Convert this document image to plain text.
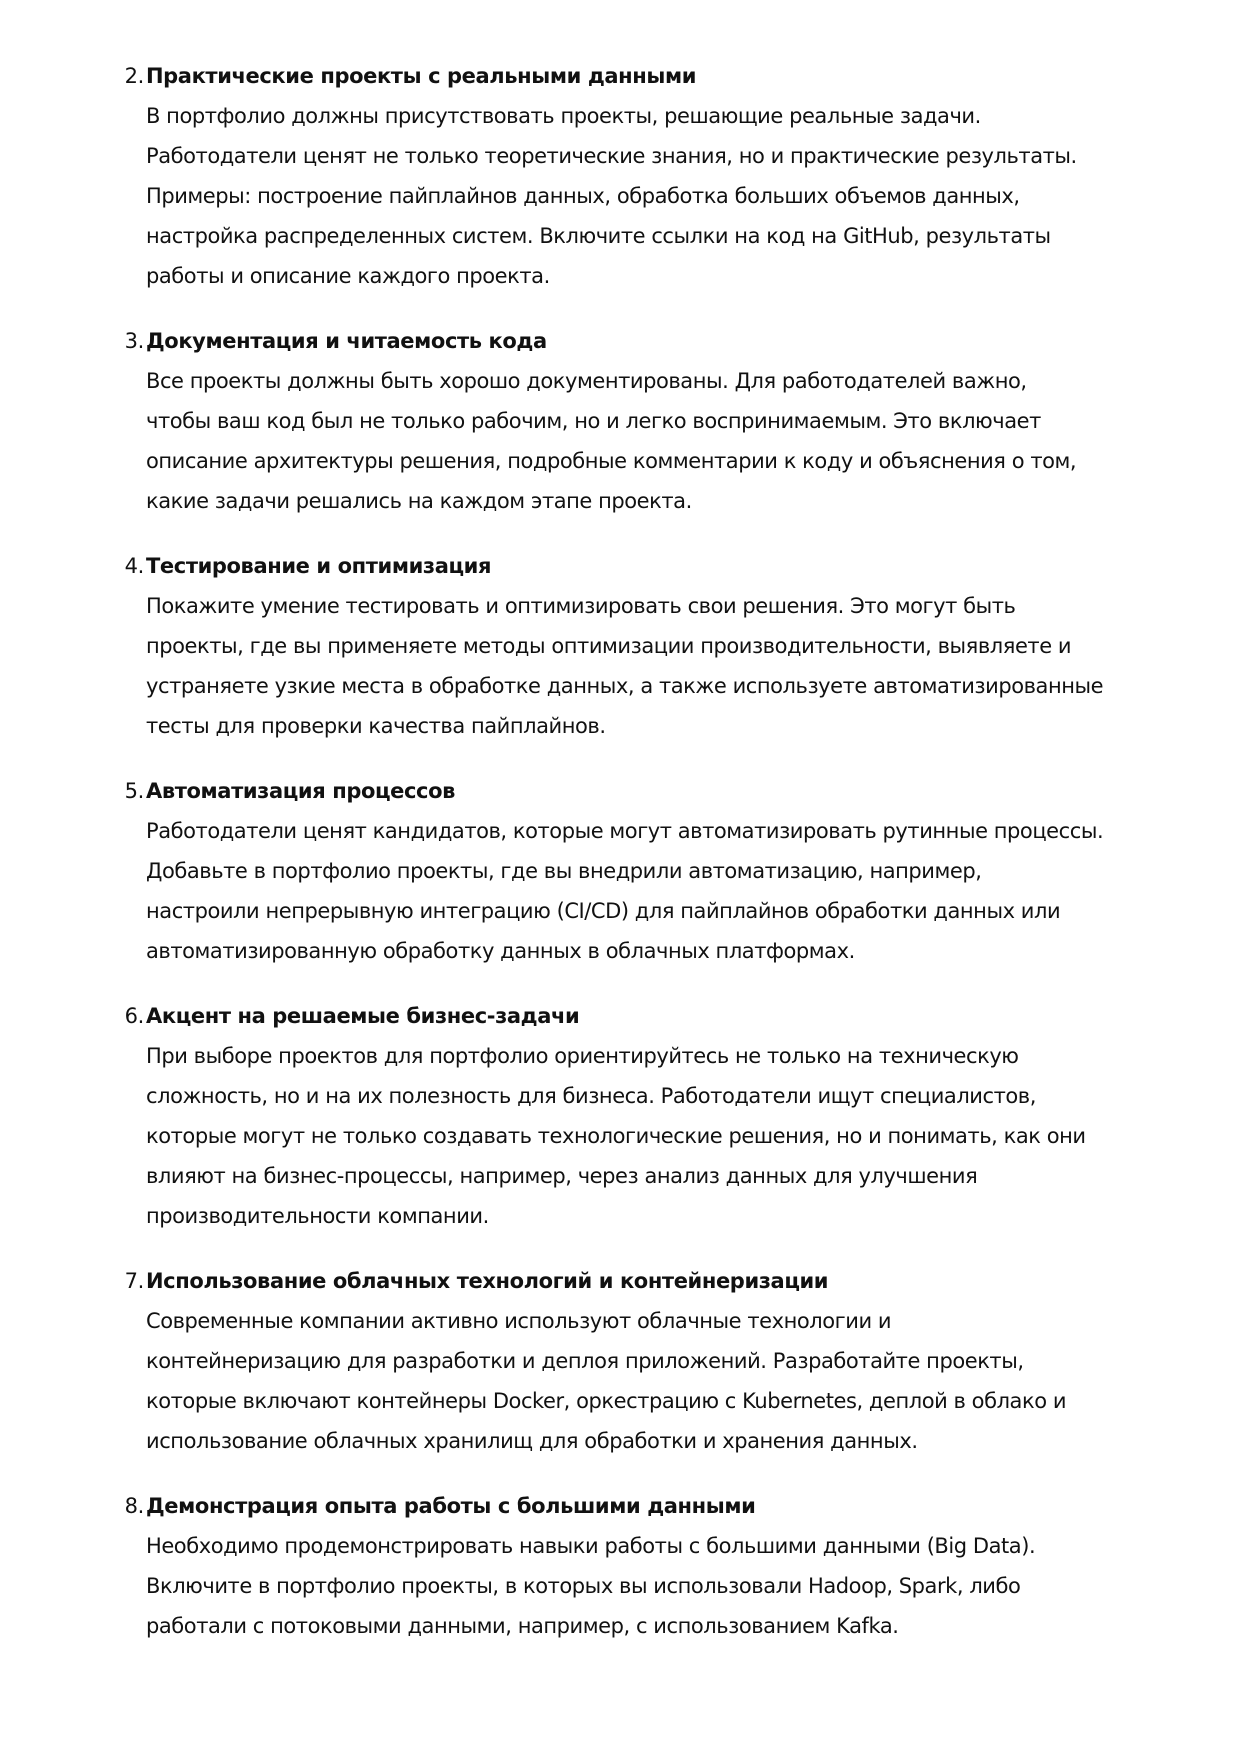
2. Практические проекты с реальными данными
В портфолио должны присутствовать проекты, решающие реальные задачи.
Работодатели ценят не только теоретические знания, но и практические результаты.
Примеры: построение пайплайнов данных, обработка больших объемов данных,
настройка распределенных систем. Включите ссылки на код на GitHub, результаты
работы и описание каждого проекта.
3. Документация и читаемость кода
Все проекты должны быть хорошо документированы. Для работодателей важно,
чтобы ваш код был не только рабочим, но и легко воспринимаемым. Это включает
описание архитектуры решения, подробные комментарии к коду и объяснения о том,
какие задачи решались на каждом этапе проекта.
4. Тестирование и оптимизация
Покажите умение тестировать и оптимизировать свои решения. Это могут быть
проекты, где вы применяете методы оптимизации производительности, выявляете и
устраняете узкие места в обработке данных, а также используете автоматизированные
тесты для проверки качества пайплайнов.
5. Автоматизация процессов
Работодатели ценят кандидатов, которые могут автоматизировать рутинные процессы.
Добавьте в портфолио проекты, где вы внедрили автоматизацию, например,
настроили непрерывную интеграцию (CI/CD) для пайплайнов обработки данных или
автоматизированную обработку данных в облачных платформах.
6. Акцент на решаемые бизнес-задачи
При выборе проектов для портфолио ориентируйтесь не только на техническую
сложность, но и на их полезность для бизнеса. Работодатели ищут специалистов,
которые могут не только создавать технологические решения, но и понимать, как они
влияют на бизнес-процессы, например, через анализ данных для улучшения
производительности компании.
7. Использование облачных технологий и контейнеризации
Современные компании активно используют облачные технологии и
контейнеризацию для разработки и деплоя приложений. Разработайте проекты,
которые включают контейнеры Docker, оркестрацию с Kubernetes, деплой в облако и
использование облачных хранилищ для обработки и хранения данных.
8. Демонстрация опыта работы с большими данными
Необходимо продемонстрировать навыки работы с большими данными (Big Data).
Включите в портфолио проекты, в которых вы использовали Hadoop, Spark, либо
работали с потоковыми данными, например, с использованием Kafka.
